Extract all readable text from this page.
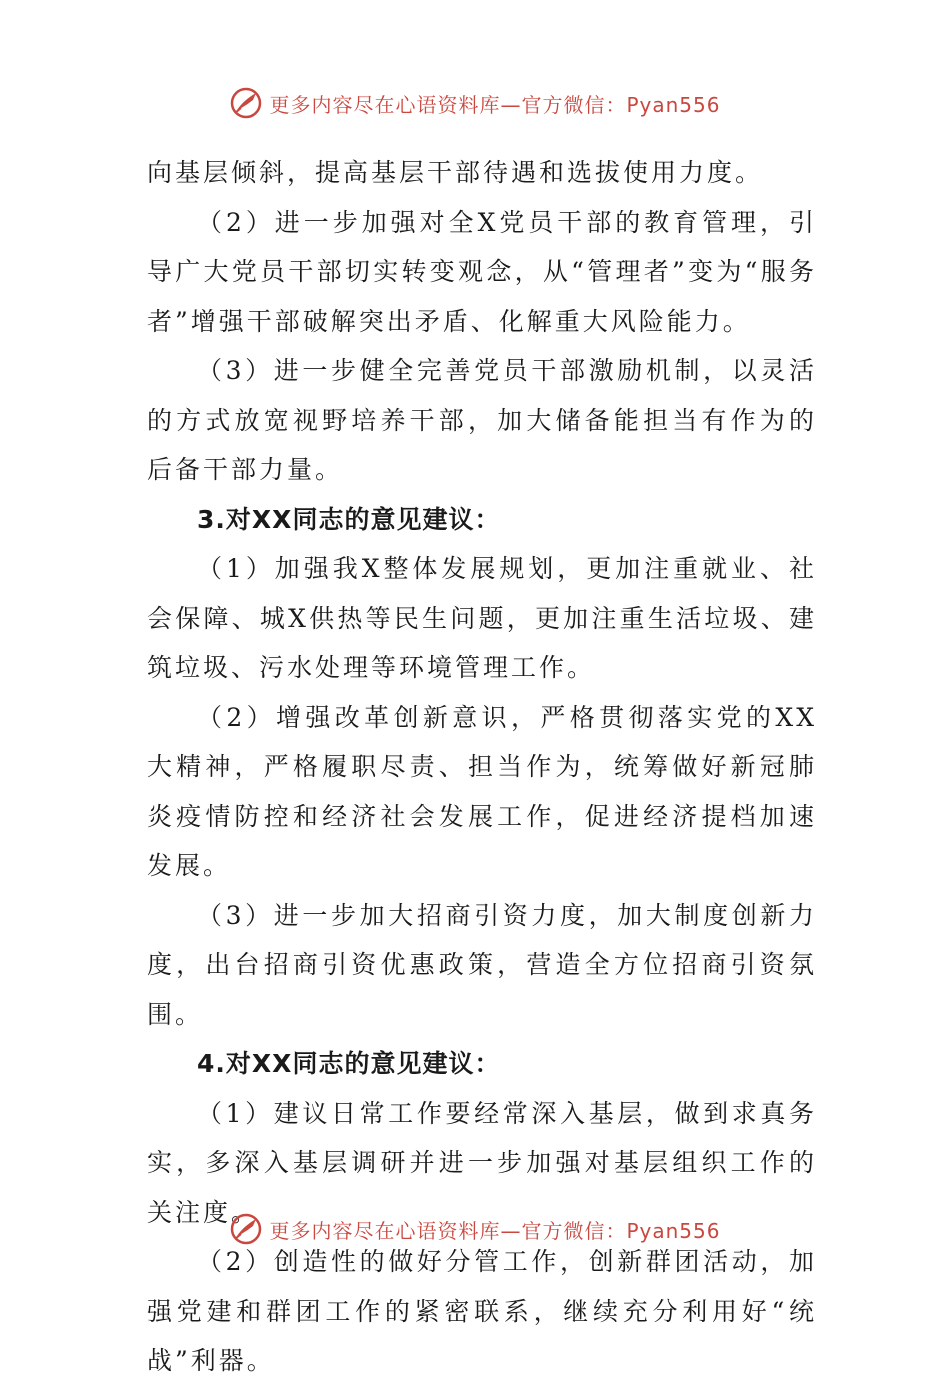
更多内容尽在心语资料库—官方微信：Pyan556

向基层倾斜，提高基层干部待遇和选拔使用力度。

（2）进一步加强对全X党员干部的教育管理，引导广大党员干部切实转变观念，从“管理者”变为“服务者”增强干部破解突出矛盾、化解重大风险能力。

（3）进一步健全完善党员干部激励机制，以灵活的方式放宽视野培养干部，加大储备能担当有作为的后备干部力量。

3.对XX同志的意见建议：

（1）加强我X整体发展规划，更加注重就业、社会保障、城X供热等民生问题，更加注重生活垃圾、建筑垃圾、污水处理等环境管理工作。

（2）增强改革创新意识，严格贯彻落实党的XX大精神，严格履职尽责、担当作为，统筹做好新冠肺炎疫情防控和经济社会发展工作，促进经济提档加速发展。

（3）进一步加大招商引资力度，加大制度创新力度，出台招商引资优惠政策，营造全方位招商引资氛围。

4.对XX同志的意见建议：

（1）建议日常工作要经常深入基层，做到求真务实，多深入基层调研并进一步加强对基层组织工作的关注度。

（2）创造性的做好分管工作，创新群团活动，加强党建和群团工作的紧密联系，继续充分利用好“统战”利器。

更多内容尽在心语资料库—官方微信：Pyan556
